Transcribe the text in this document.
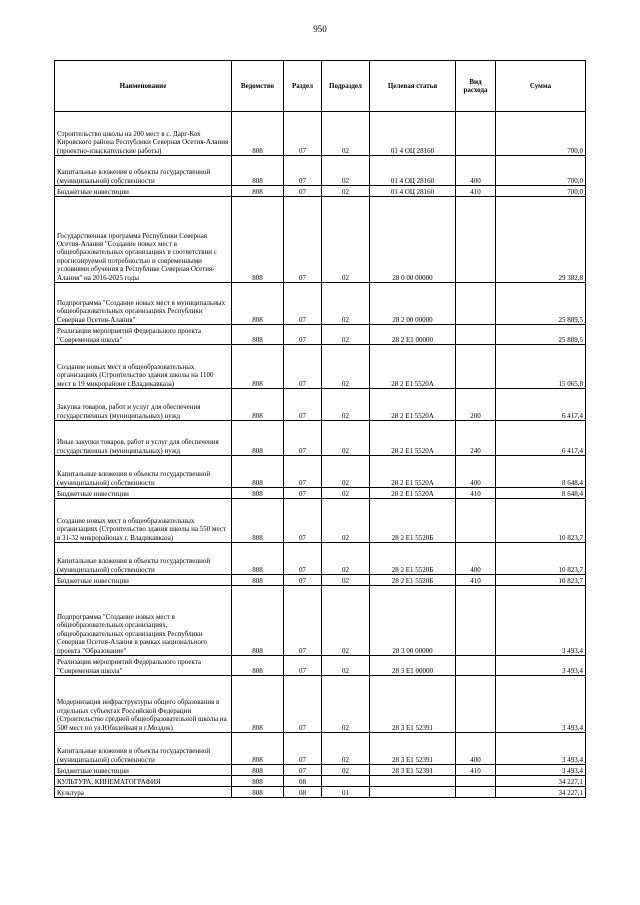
950
Наименование	Ведомство	Раздел	Подраздел	Целевая статья	Вид расхода	Сумма
Строительство школы на 200 мест в с. Дарг-Кох Кировского района Республики Северная Осетия-Алания (проектно-изыскательские работы)	808	07	02	01 4 ОЦ 28160		700,0
Капитальные вложения в объекты государственной (муниципальной) собственности	808	07	02	01 4 ОЦ 28160	400	700,0
Бюджетные инвестиции	808	07	02	01 4 ОЦ 28160	410	700,0
Государственная программа Республики Северная Осетия-Алания "Создание новых мест в общеобразовательных организациях в соответствии с прогнозируемой потребностью и современными условиями обучения в Республике Северная Осетия-Алания" на 2016-2025 годы	808	07	02	28 0 00 00000		29 382,8
Подпрограмма "Создание новых мест в муниципальных общеобразовательных организациях Республики Северная Осетия-Алания"	808	07	02	28 2 00 00000		25 889,5
Реализация мероприятий Федерального проекта "Современная школа"	808	07	02	28 2 Е1 00000		25 889,5
Создание новых мест в общеобразовательных организациях (Строительство здания школы на 1100 мест в 19 микрорайоне г.Владикавказа)	808	07	02	28 2 Е1 5520А		15 065,8
Закупка товаров, работ и услуг для обеспечения государственных (муниципальных) нужд	808	07	02	28 2 Е1 5520А	200	6 417,4
Иные закупки товаров, работ и услуг для обеспечения государственных (муниципальных) нужд	808	07	02	28 2 Е1 5520А	240	6 417,4
Капитальные вложения в объекты государственной (муниципальной) собственности	808	07	02	28 2 Е1 5520А	400	8 648,4
Бюджетные инвестиции	808	07	02	28 2 Е1 5520А	410	8 648,4
Создание новых мест в общеобразовательных организациях (Строительство здания школы на 550 мест в 31-32 микрорайонах г. Владикавказа)	808	07	02	28 2 Е1 5520Б		10 823,7
Капитальные вложения в объекты государственной (муниципальной) собственности	808	07	02	28 2 Е1 5520Б	400	10 823,7
Бюджетные инвестиции	808	07	02	28 2 Е1 5520Б	410	10 823,7
Подпрограмма "Создание новых мест в общеобразовательных организациях, общеобразовательных организациях Республики Северная Осетия-Алания в рамках национального проекта "Образование"	808	07	02	28 3 00 00000		3 493,4
Реализация мероприятий Федерального проекта "Современная школа"	808	07	02	28 3 Е1 00000		3 493,4
Модернизация инфраструктуры общего образования в отдельных субъектах Российской Федерации (Строительство средней общеобразовательной школы на 500 мест по ул.Юбилейная в г.Моздок)	808	07	02	28 3 Е1 52391		3 493,4
Капитальные вложения в объекты государственной (муниципальной) собственности	808	07	02	28 3 Е1 52391	400	3 493,4
Бюджетные инвестиции	808	07	02	28 3 Е1 52391	410	3 493,4
КУЛЬТУРА, КИНЕМАТОГРАФИЯ	808	08				34 227,1
Культура	808	08	01			34 227,1
